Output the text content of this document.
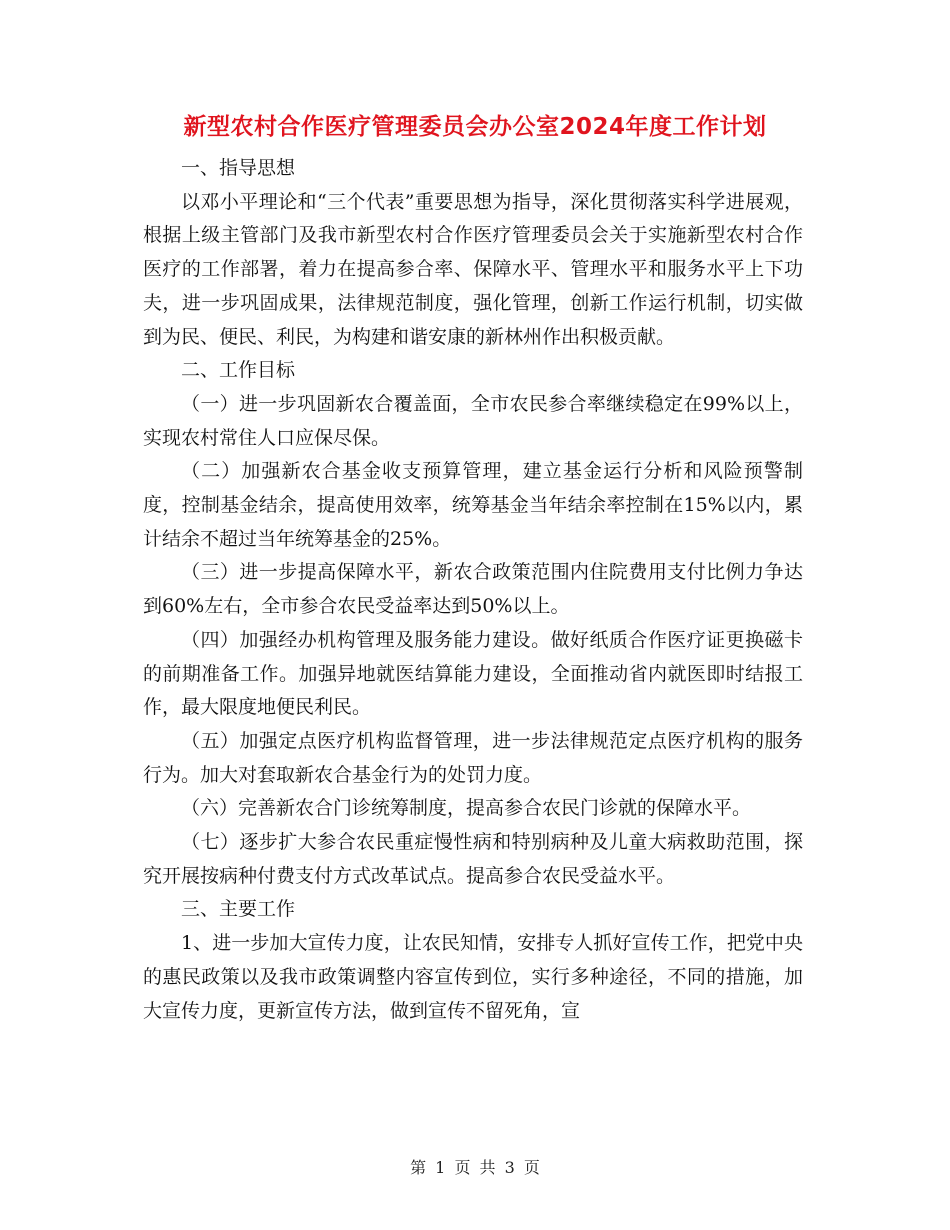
新型农村合作医疗管理委员会办公室2024年度工作计划

一、指导思想

以邓小平理论和“三个代表”重要思想为指导，深化贯彻落实科学进展观，根据上级主管部门及我市新型农村合作医疗管理委员会关于实施新型农村合作医疗的工作部署，着力在提高参合率、保障水平、管理水平和服务水平上下功夫，进一步巩固成果，法律规范制度，强化管理，创新工作运行机制，切实做到为民、便民、利民，为构建和谐安康的新林州作出积极贡献。

二、工作目标

（一）进一步巩固新农合覆盖面，全市农民参合率继续稳定在99%以上，实现农村常住人口应保尽保。

（二）加强新农合基金收支预算管理，建立基金运行分析和风险预警制度，控制基金结余，提高使用效率，统筹基金当年结余率控制在15%以内，累计结余不超过当年统筹基金的25%。

（三）进一步提高保障水平，新农合政策范围内住院费用支付比例力争达到60%左右，全市参合农民受益率达到50%以上。

（四）加强经办机构管理及服务能力建设。做好纸质合作医疗证更换磁卡的前期准备工作。加强异地就医结算能力建设，全面推动省内就医即时结报工作，最大限度地便民利民。

（五）加强定点医疗机构监督管理，进一步法律规范定点医疗机构的服务行为。加大对套取新农合基金行为的处罚力度。

（六）完善新农合门诊统筹制度，提高参合农民门诊就的保障水平。

（七）逐步扩大参合农民重症慢性病和特别病种及儿童大病救助范围，探究开展按病种付费支付方式改革试点。提高参合农民受益水平。

三、主要工作

1、进一步加大宣传力度，让农民知情，安排专人抓好宣传工作，把党中央的惠民政策以及我市政策调整内容宣传到位，实行多种途径，不同的措施，加大宣传力度，更新宣传方法，做到宣传不留死角，宣

第 1 页 共 3 页
